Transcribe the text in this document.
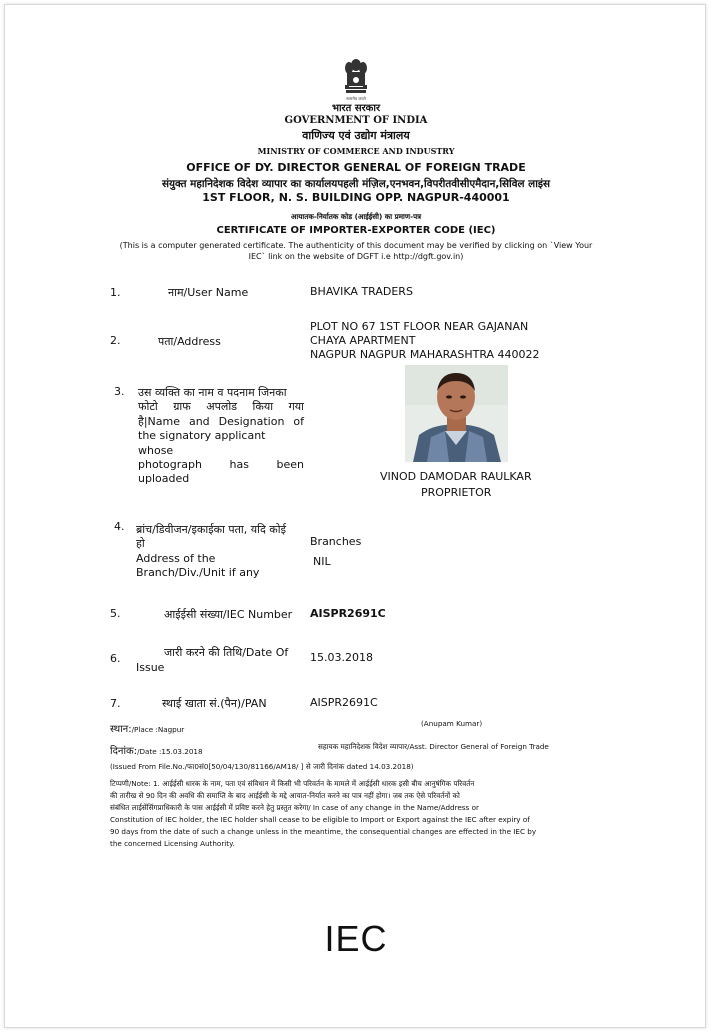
सत्यमेव जयते
भारत सरकार
GOVERNMENT OF INDIA
वाणिज्य एवं उद्योग मंत्रालय
MINISTRY OF COMMERCE AND INDUSTRY
OFFICE OF DY. DIRECTOR GENERAL OF FOREIGN TRADE
संयुक्त महानिदेशक विदेश व्यापार का कार्यालयपहली मंज़िल,एनभवन,विपरीतवीसीएमैदान,सिविल लाइंस
1ST FLOOR, N. S. BUILDING OPP. NAGPUR-440001
आयातक-निर्यातक कोड (आईईसी) का प्रमाण-पत्र
CERTIFICATE OF IMPORTER-EXPORTER CODE (IEC)
(This is a computer generated certificate. The authenticity of this document may be verified by clicking on `View Your
IEC` link on the website of DGFT i.e http://dgft.gov.in)
1.	नाम/User Name	BHAVIKA TRADERS
2.	पता/Address
PLOT NO 67 1ST FLOOR NEAR GAJANAN
CHAYA APARTMENT
NAGPUR NAGPUR MAHARASHTRA 440022
3. उस व्यक्ति का नाम व पदनाम जिनका
फोटो ग्राफ अपलोड किया गया
है|Name and Designation of
the signatory applicant whose
photograph has been
uploaded	VINOD DAMODAR RAULKAR
PROPRIETOR
4. ब्रांच/डिवीजन/इकाईका पता, यदि कोई
हो
Address of the
Branch/Div./Unit if any
Branches
NIL
5.	आईईसी संख्या/IEC Number AISPR2691C
6.	जारी करने की तिथि/Date Of
Issue
15.03.2018
7.	स्थाई खाता सं.(पैन)/PAN	AISPR2691C
स्थान:/Place :Nagpur
(Anupam Kumar)
दिनांक:/Date :15.03.2018
सहायक महानिदेशक विदेश व्यापार/Asst. Director General of Foreign Trade
(Issued From File.No./फा0सं0[50/04/130/81166/AM18/ ] से जारी दिनांक dated 14.03.2018)
टिप्पणी/Note: 1. आईईसी धारक के नाम, पता एवं संविधान में किसी भी परिवर्तन के मामले में आईईसी धारक इसी बीच आनुषंगिक परिवर्तन
की तारीख से 90 दिन की अवधि की समाप्ति के बाद आईईसी के मद्दे आयात-निर्यात करने का पात्र नहीं होगा। जब तक ऐसे परिवर्तनों को
संबंधित लाईसेंसिंगप्राधिकारी के पास आईईसी में प्रविष्ट करने हेतु प्रस्तुत करेगा/ In case of any change in the Name/Address or
Constitution of IEC holder, the IEC holder shall cease to be eligible to Import or Export against the IEC after expiry of
90 days from the date of such a change unless in the meantime, the consequential changes are effected in the IEC by
the concerned Licensing Authority.
IEC
